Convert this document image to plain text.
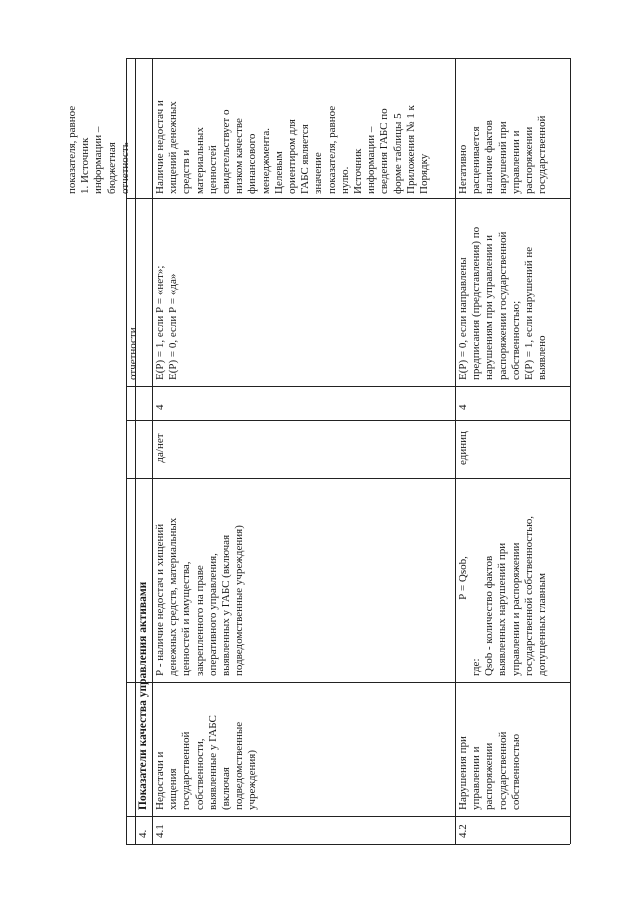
отчетности
показателя, равное
1. Источник
информации –
бюджетная
отчетность
4.
Показатели качества управления активами
4.1
Недостачи и
хищения
государственной
собственности,
выявленные у ГАБС
(включая
подведомственные
учреждения)
Р - наличие недостач и хищений
денежных средств, материальных
ценностей и имущества,
закрепленного на праве
оперативного управления,
выявленных у ГАБС (включая
подведомственные учреждения)
да/нет
4
Е(Р) = 1, если Р = «нет»;
Е(Р) = 0, если Р = «да»
Наличие недостач и
хищений денежных
средств и
материальных
ценностей
свидетельствует о
низком качестве
финансового
менеджмента.
Целевым
ориентиром для
ГАБС является
значение
показателя, равное
нулю.
Источник
информации –
сведения ГАБС по
форме таблицы 5
Приложения № 1 к
Порядку
4.2
Нарушения при
управлении и
распоряжении
государственной
собственностью
Р = Qsob,
где:
Qsob - количество фактов
выявленных нарушений при
управлении и распоряжении
государственной собственностью,
допущенных главным
единиц
4
Е(Р) = 0, если направлены
предписания (представления) по
нарушениям при управлении и
распоряжении государственной
собственностью;
Е(Р) = 1, если нарушений не
выявлено
Негативно
расценивается
наличие фактов
нарушений при
управлении и
распоряжении
государственной
